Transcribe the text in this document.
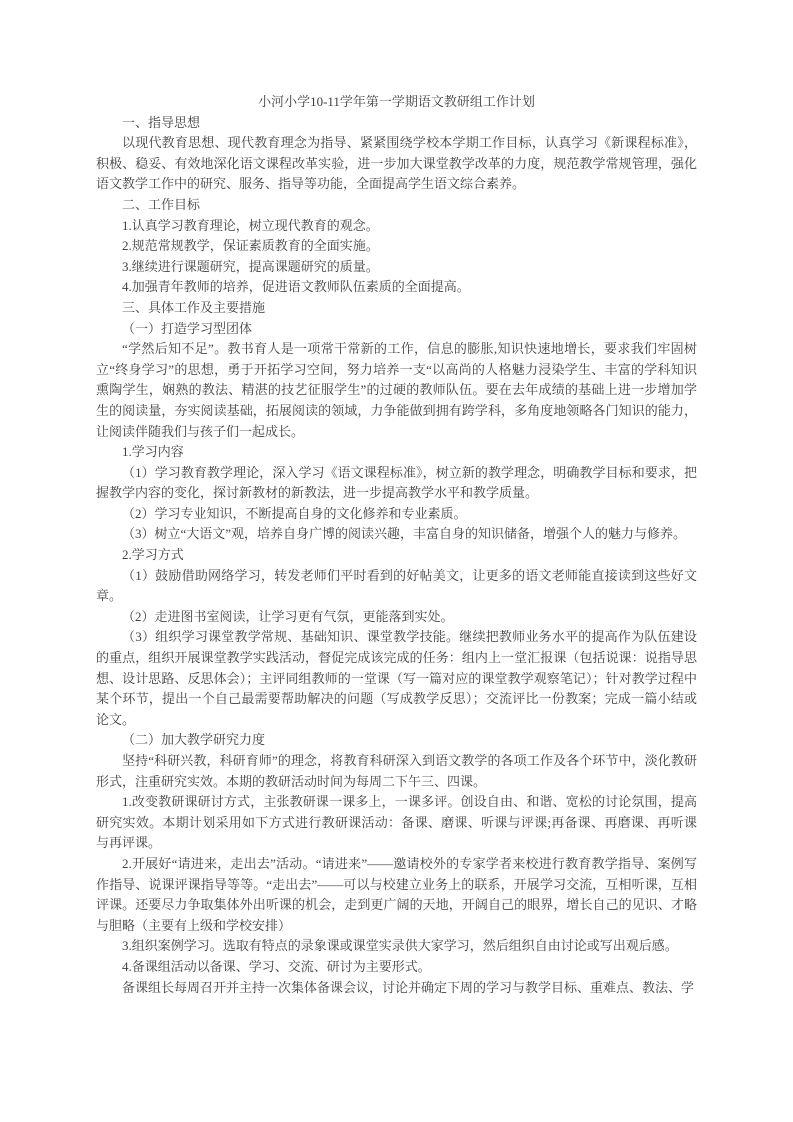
小河小学10-11学年第一学期语文教研组工作计划

一、指导思想

以现代教育思想、现代教育理念为指导、紧紧围绕学校本学期工作目标，认真学习《新课程标准》，积极、稳妥、有效地深化语文课程改革实验，进一步加大课堂教学改革的力度，规范教学常规管理，强化语文教学工作中的研究、服务、指导等功能，全面提高学生语文综合素养。

二、工作目标

1.认真学习教育理论，树立现代教育的观念。

2.规范常规教学，保证素质教育的全面实施。

3.继续进行课题研究，提高课题研究的质量。

4.加强青年教师的培养，促进语文教师队伍素质的全面提高。

三、具体工作及主要措施

（一）打造学习型团体

“学然后知不足”。教书育人是一项常干常新的工作，信息的膨胀,知识快速地增长，要求我们牢固树立“终身学习”的思想，勇于开拓学习空间，努力培养一支“以高尚的人格魅力浸染学生、丰富的学科知识熏陶学生，娴熟的教法、精湛的技艺征服学生”的过硬的教师队伍。要在去年成绩的基础上进一步增加学生的阅读量，夯实阅读基础，拓展阅读的领域，力争能做到拥有跨学科，多角度地领略各门知识的能力，让阅读伴随我们与孩子们一起成长。

1.学习内容

（1）学习教育教学理论，深入学习《语文课程标准》，树立新的教学理念，明确教学目标和要求，把握教学内容的变化，探讨新教材的新教法，进一步提高教学水平和教学质量。

（2）学习专业知识，不断提高自身的文化修养和专业素质。

（3）树立“大语文”观，培养自身广博的阅读兴趣，丰富自身的知识储备，增强个人的魅力与修养。

2.学习方式

（1）鼓励借助网络学习，转发老师们平时看到的好帖美文，让更多的语文老师能直接读到这些好文章。

（2）走进图书室阅读，让学习更有气氛，更能落到实处。

（3）组织学习课堂教学常规、基础知识、课堂教学技能。继续把教师业务水平的提高作为队伍建设的重点，组织开展课堂教学实践活动，督促完成该完成的任务：组内上一堂汇报课（包括说课：说指导思想、设计思路、反思体会）；主评同组教师的一堂课（写一篇对应的课堂教学观察笔记）；针对教学过程中某个环节，提出一个自己最需要帮助解决的问题（写成教学反思）；交流评比一份教案；完成一篇小结或论文。

（二）加大教学研究力度

坚持“科研兴教，科研育师”的理念，将教育科研深入到语文教学的各项工作及各个环节中，淡化教研形式，注重研究实效。本期的教研活动时间为每周二下午三、四课。

1.改变教研课研讨方式，主张教研课一课多上，一课多评。创设自由、和谐、宽松的讨论氛围，提高研究实效。本期计划采用如下方式进行教研课活动：备课、磨课、听课与评课;再备课、再磨课、再听课与再评课。

2.开展好“请进来，走出去”活动。“请进来”——邀请校外的专家学者来校进行教育教学指导、案例写作指导、说课评课指导等等。“走出去”——可以与校建立业务上的联系，开展学习交流，互相听课，互相评课。还要尽力争取集体外出听课的机会，走到更广阔的天地，开阔自己的眼界，增长自己的见识、才略与胆略（主要有上级和学校安排）

3.组织案例学习。选取有特点的录象课或课堂实录供大家学习，然后组织自由讨论或写出观后感。

4.备课组活动以备课、学习、交流、研讨为主要形式。

备课组长每周召开并主持一次集体备课会议，讨论并确定下周的学习与教学目标、重难点、教法、学
